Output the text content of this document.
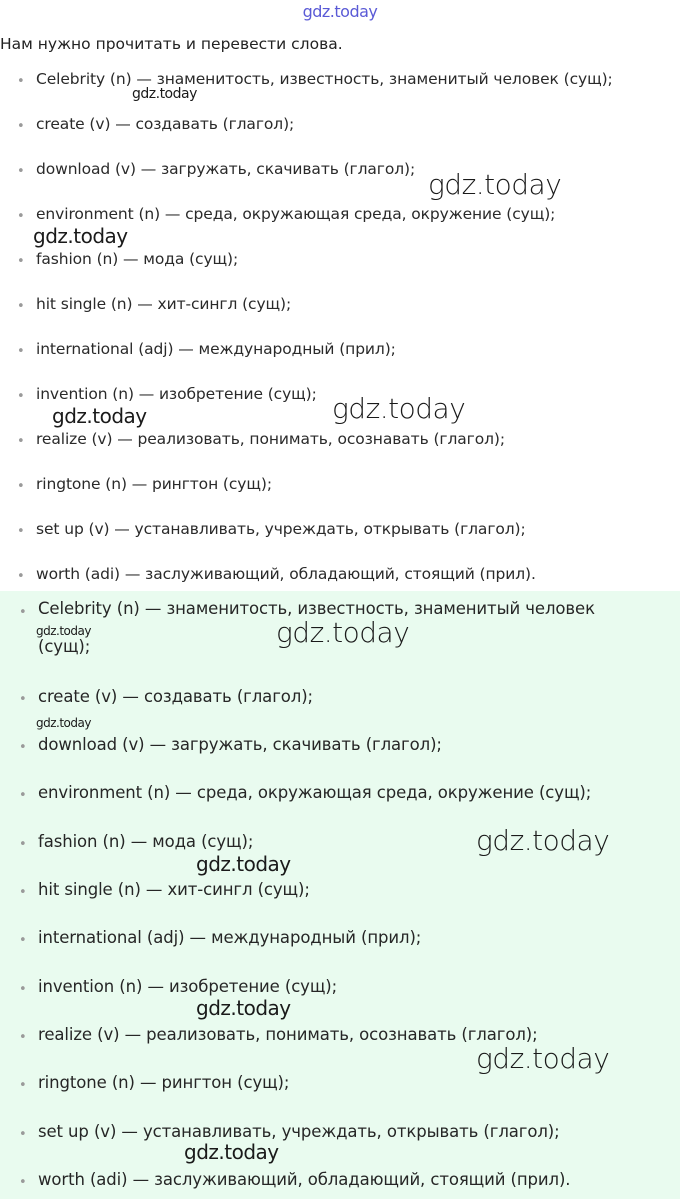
gdz.today
Нам нужно прочитать и перевести слова.
• Celebrity (n) — знаменитость, известность, знаменитый человек (сущ);
• create (v) — создавать (глагол);
• download (v) — загружать, скачивать (глагол);
• environment (n) — среда, окружающая среда, окружение (сущ);
• fashion (n) — мода (сущ);
• hit single (n) — хит-сингл (сущ);
• international (adj) — международный (прил);
• invention (n) — изобретение (сущ);
• realize (v) — реализовать, понимать, осознавать (глагол);
• ringtone (n) — рингтон (сущ);
• set up (v) — устанавливать, учреждать, открывать (глагол);
• worth (adi) — заслуживающий, обладающий, стоящий (прил).
• Celebrity (n) — знаменитость, известность, знаменитый человек (сущ);
• create (v) — создавать (глагол);
• download (v) — загружать, скачивать (глагол);
• environment (n) — среда, окружающая среда, окружение (сущ);
• fashion (n) — мода (сущ);
• hit single (n) — хит-сингл (сущ);
• international (adj) — международный (прил);
• invention (n) — изобретение (сущ);
• realize (v) — реализовать, понимать, осознавать (глагол);
• ringtone (n) — рингтон (сущ);
• set up (v) — устанавливать, учреждать, открывать (глагол);
• worth (adi) — заслуживающий, обладающий, стоящий (прил).
gdz.today
gdz.today
gdz.today
gdz.today	gdz.today
gdz.today	gdz.today
gdz.today
gdz.today
gdz.today
gdz.today
gdz.today
gdz.today
